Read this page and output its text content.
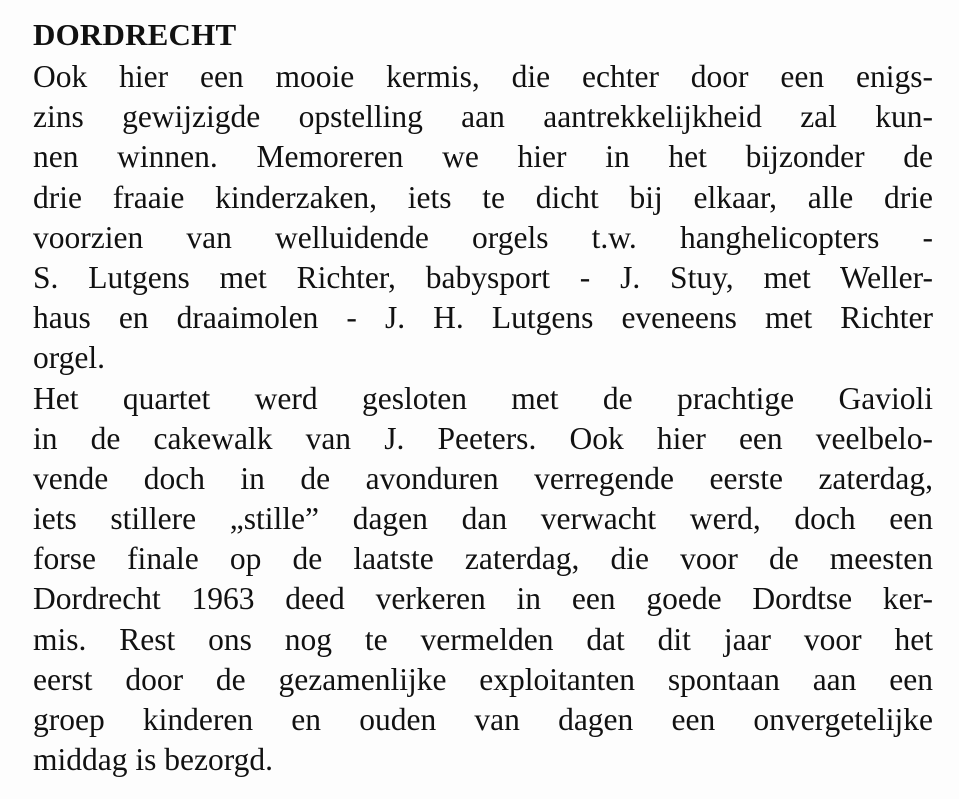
DORDRECHT
Ook hier een mooie kermis, die echter door een enigs-
zins gewijzigde opstelling aan aantrekkelijkheid zal kun-
nen winnen. Memoreren we hier in het bijzonder de
drie fraaie kinderzaken, iets te dicht bij elkaar, alle drie
voorzien van welluidende orgels t.w. hanghelicopters -
S. Lutgens met Richter, babysport - J. Stuy, met Weller-
haus en draaimolen - J. H. Lutgens eveneens met Richter
orgel.
Het quartet werd gesloten met de prachtige Gavioli
in de cakewalk van J. Peeters. Ook hier een veelbelo-
vende doch in de avonduren verregende eerste zaterdag,
iets stillere „stille” dagen dan verwacht werd, doch een
forse finale op de laatste zaterdag, die voor de meesten
Dordrecht 1963 deed verkeren in een goede Dordtse ker-
mis. Rest ons nog te vermelden dat dit jaar voor het
eerst door de gezamenlijke exploitanten spontaan aan een
groep kinderen en ouden van dagen een onvergetelijke
middag is bezorgd.
